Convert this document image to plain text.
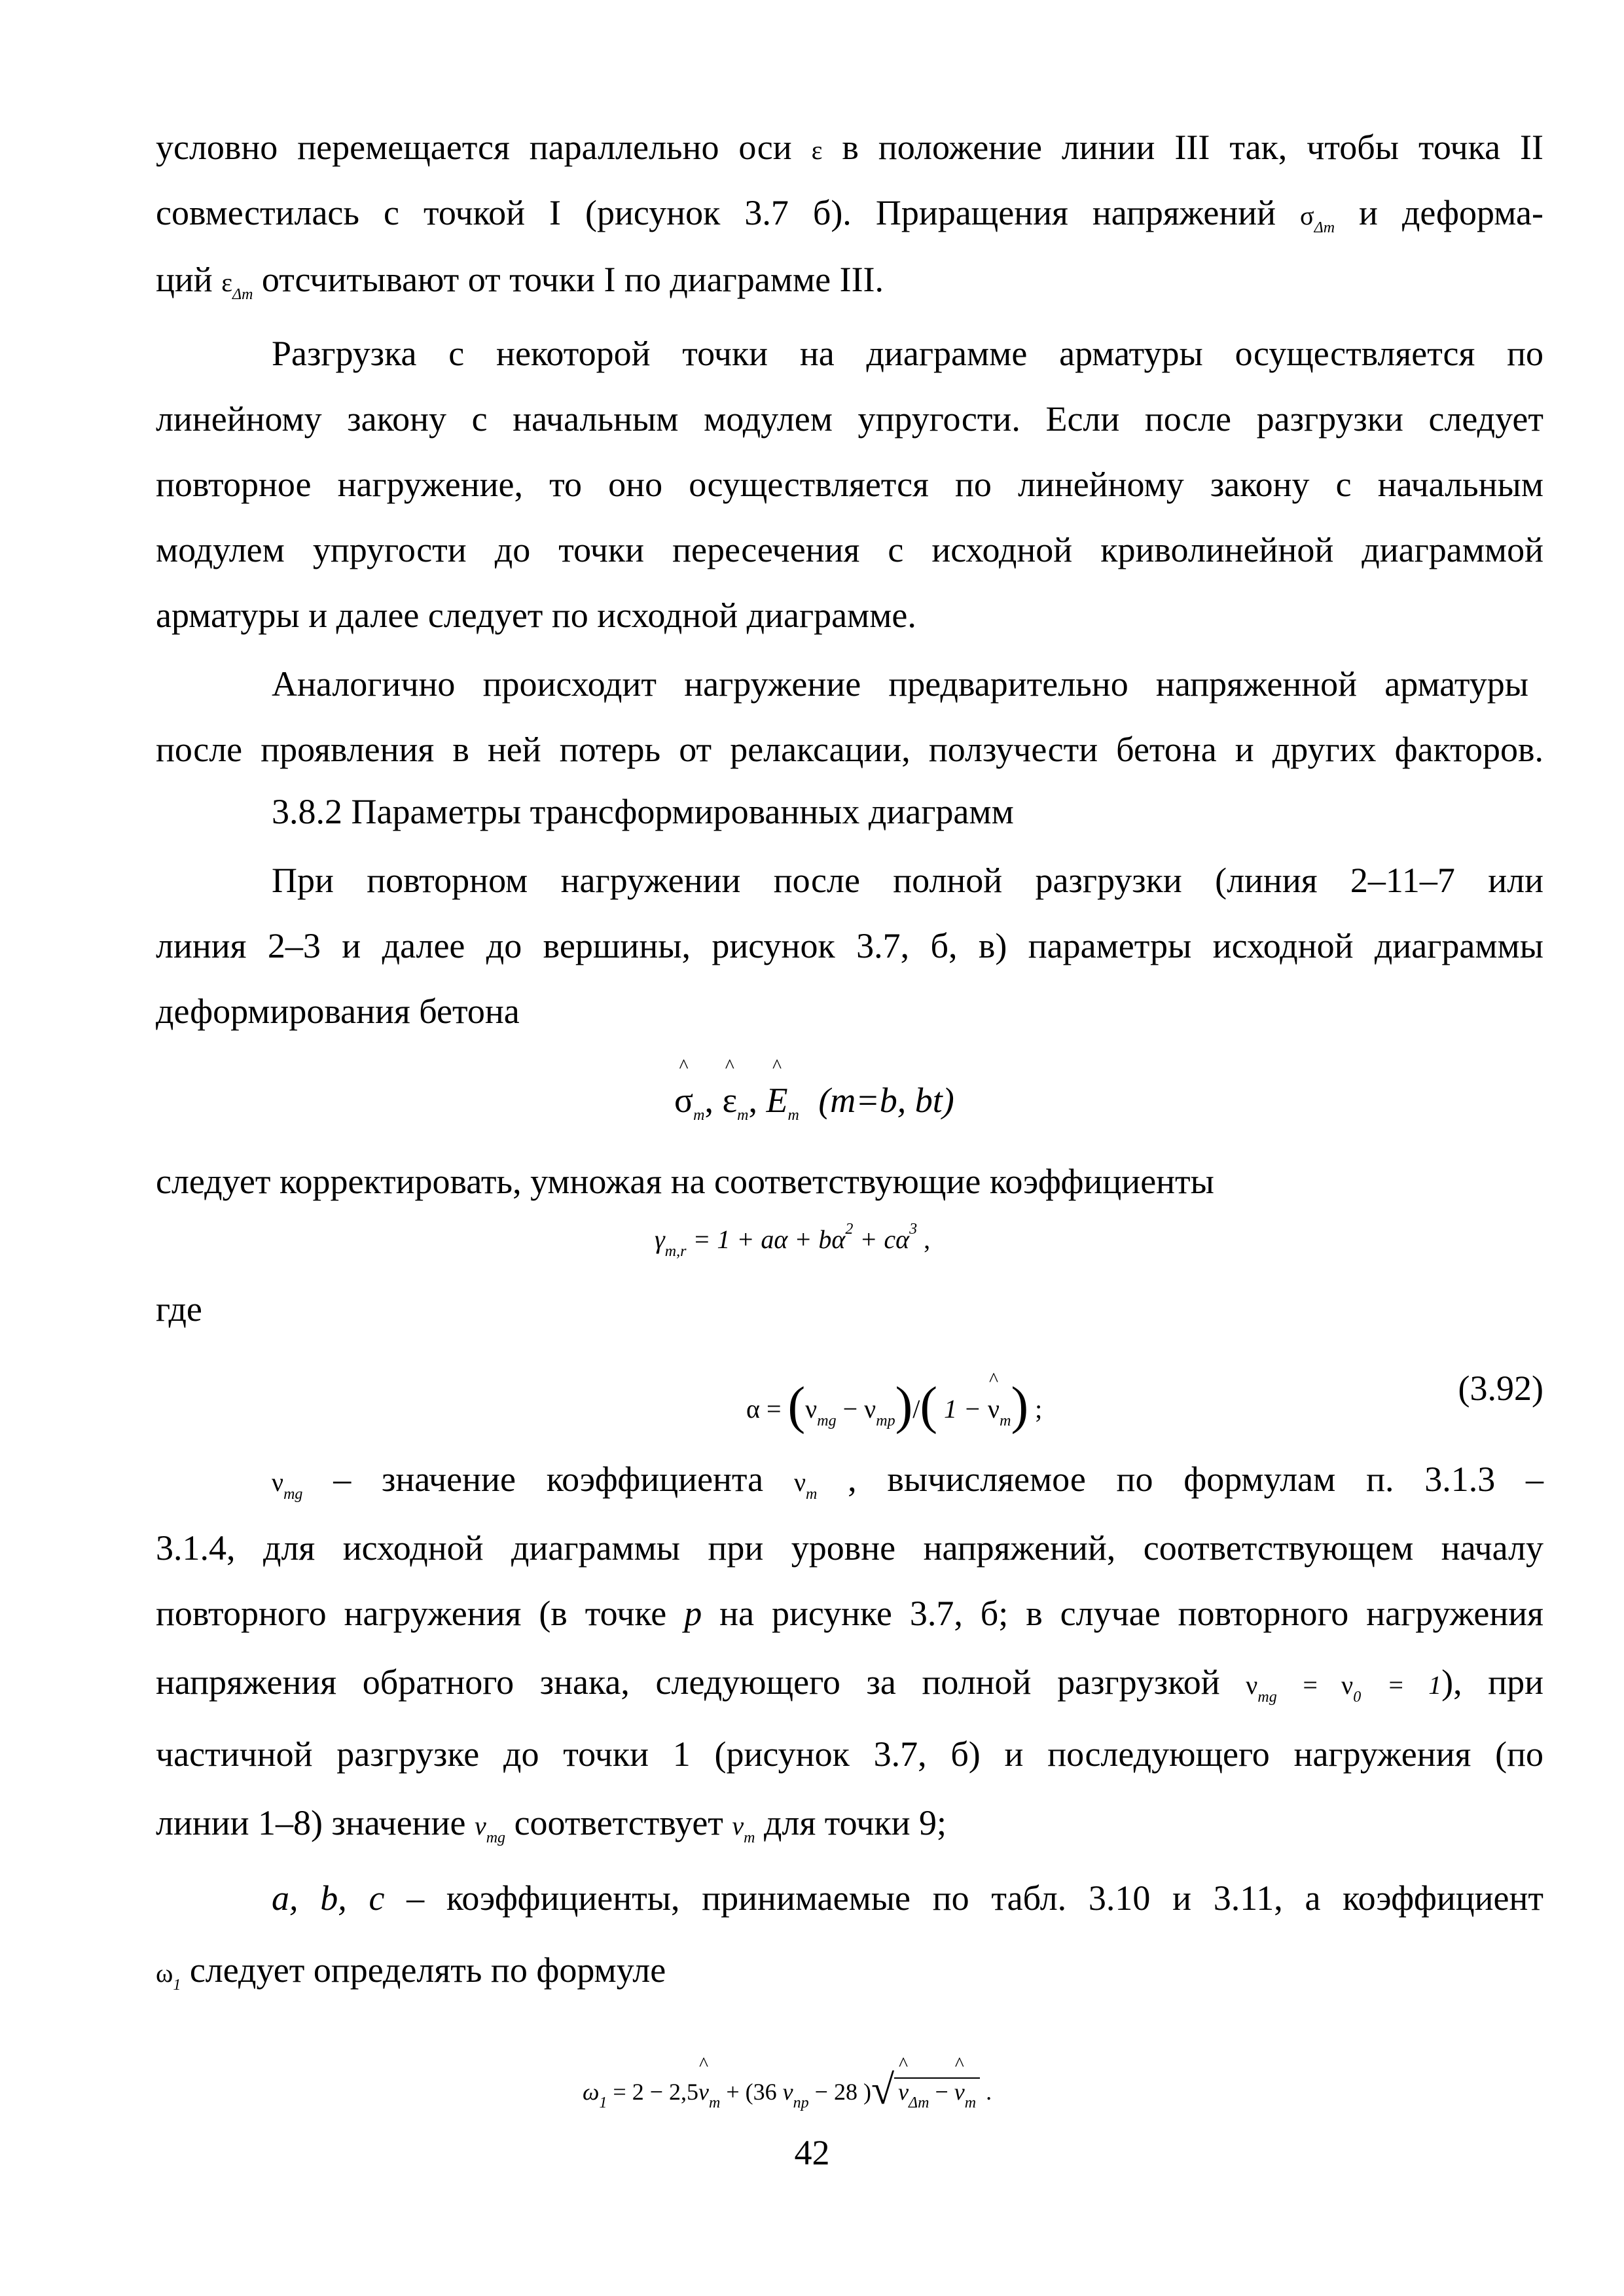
условно перемещается параллельно оси ε в положение линии III так, чтобы точка II
совместилась с точкой I (рисунок 3.7 б). Приращения напряжений $\sigma_{\Delta m}$ и деформа-
ций $\varepsilon_{\Delta m}$ отсчитывают от точки I по диаграмме III.
Разгрузка с некоторой точки на диаграмме арматуры осуществляется по
линейному закону с начальным модулем упругости. Если после разгрузки следует
повторное нагружение, то оно осуществляется по линейному закону с начальным
модулем упругости до точки пересечения с исходной криволинейной диаграммой
арматуры и далее следует по исходной диаграмме.
Аналогично происходит нагружение предварительно напряженной арматуры
после проявления в ней потерь от релаксации, ползучести бетона и других факторов.
3.8.2 Параметры трансформированных диаграмм
При повторном нагружении после полной разгрузки (линия 2–11–7 или
линия 2–3 и далее до вершины, рисунок 3.7, б, в) параметры исходной диаграммы
деформирования бетона
^ $\sigma_m$, ^ $\varepsilon_m$, ^ $E_m$ (m=b, bt)
следует корректировать, умножая на соответствующие коэффициенты
$\gamma_{m,r} = 1 + a\alpha + b\alpha^2 + c\alpha^3$ ,
где
$\alpha = (\nu_{mg} - \nu_{mp})/$( 1 − ^ $\nu_m$) ;
(3.92)
$\nu_{mg}$ – значение коэффициента $\nu_m$ , вычисляемое по формулам п. 3.1.3 –
3.1.4, для исходной диаграммы при уровне напряжений, соответствующем началу
повторного нагружения (в точке p на рисунке 3.7, б; в случае повторного нагружения
напряжения обратного знака, следующего за полной разгрузкой $\nu_{mg} = \nu_0 = 1$), при
частичной разгрузке до точки 1 (рисунок 3.7, б) и последующего нагружения (по
линии 1–8) значение $\nu_{mg}$ соответствует $\nu_m$ для точки 9;
a, b, c – коэффициенты, принимаемые по табл. 3.10 и 3.11, а коэффициент
$\omega_1$ следует определять по формуле
$\omega_1 = 2$ − 2,5^ $\nu_m + (36$ $\nu_{пр} - 28$ )√ ^ $\nu_{\Delta m}$ − ^ $\nu_m$ .
42
